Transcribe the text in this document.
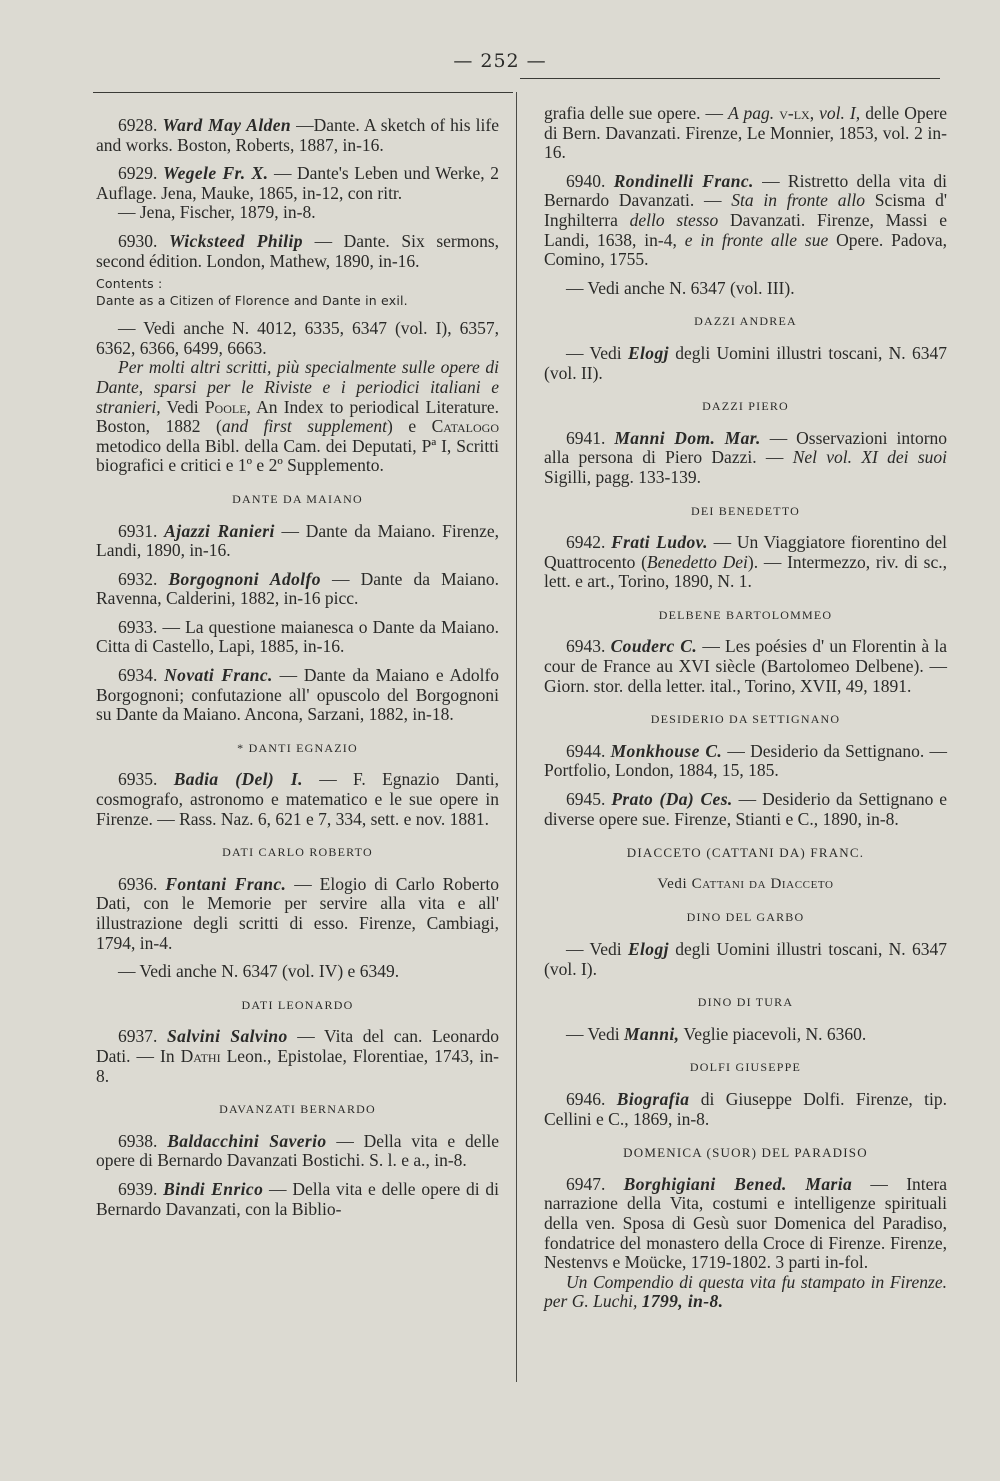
— 252 —
6928. Ward May Alden —Dante. A sketch of his life and works. Boston, Roberts, 1887, in-16.
6929. Wegele Fr. X. — Dante's Leben und Werke, 2 Auflage. Jena, Mauke, 1865, in-12, con ritr.
— Jena, Fischer, 1879, in-8.
6930. Wicksteed Philip — Dante. Six sermons, second édition. London, Mathew, 1890, in-16.
Contents :
Dante as a Citizen of Florence and Dante in exil.
— Vedi anche N. 4012, 6335, 6347 (vol. I), 6357, 6362, 6366, 6499, 6663.
Per molti altri scritti, più specialmente sulle opere di Dante, sparsi per le Riviste e i periodici italiani e stranieri, Vedi Poole, An Index to periodical Literature. Boston, 1882 (and first supplement) e Catalogo metodico della Bibl. della Cam. dei Deputati, Pª I, Scritti biografici e critici e 1º e 2º Supplemento.
DANTE DA MAIANO
6931. Ajazzi Ranieri — Dante da Maiano. Firenze, Landi, 1890, in-16.
6932. Borgognoni Adolfo — Dante da Maiano. Ravenna, Calderini, 1882, in-16 picc.
6933. — La questione maianesca o Dante da Maiano. Citta di Castello, Lapi, 1885, in-16.
6934. Novati Franc. — Dante da Maiano e Adolfo Borgognoni; confutazione all' opuscolo del Borgognoni su Dante da Maiano. Ancona, Sarzani, 1882, in-18.
* DANTI EGNAZIO
6935. Badia (Del) I. — F. Egnazio Danti, cosmografo, astronomo e matematico e le sue opere in Firenze. — Rass. Naz. 6, 621 e 7, 334, sett. e nov. 1881.
DATI CARLO ROBERTO
6936. Fontani Franc. — Elogio di Carlo Roberto Dati, con le Memorie per servire alla vita e all' illustrazione degli scritti di esso. Firenze, Cambiagi, 1794, in-4.
— Vedi anche N. 6347 (vol. IV) e 6349.
DATI LEONARDO
6937. Salvini Salvino — Vita del can. Leonardo Dati. — In Dathi Leon., Epistolae, Florentiae, 1743, in-8.
DAVANZATI BERNARDO
6938. Baldacchini Saverio — Della vita e delle opere di Bernardo Davanzati Bostichi. S. l. e a., in-8.
6939. Bindi Enrico — Della vita e delle opere di di Bernardo Davanzati, con la Biblio-
grafia delle sue opere. — A pag. v-lx, vol. I, delle Opere di Bern. Davanzati. Firenze, Le Monnier, 1853, vol. 2 in-16.
6940. Rondinelli Franc. — Ristretto della vita di Bernardo Davanzati. — Sta in fronte allo Scisma d' Inghilterra dello stesso Davanzati. Firenze, Massi e Landi, 1638, in-4, e in fronte alle sue Opere. Padova, Comino, 1755.
— Vedi anche N. 6347 (vol. III).
DAZZI ANDREA
— Vedi Elogj degli Uomini illustri toscani, N. 6347 (vol. II).
DAZZI PIERO
6941. Manni Dom. Mar. — Osservazioni intorno alla persona di Piero Dazzi. — Nel vol. XI dei suoi Sigilli, pagg. 133-139.
DEI BENEDETTO
6942. Frati Ludov. — Un Viaggiatore fiorentino del Quattrocento (Benedetto Dei). — Intermezzo, riv. di sc., lett. e art., Torino, 1890, N. 1.
DELBENE BARTOLOMMEO
6943. Couderc C. — Les poésies d' un Florentin à la cour de France au XVI siècle (Bartolomeo Delbene). — Giorn. stor. della letter. ital., Torino, XVII, 49, 1891.
DESIDERIO DA SETTIGNANO
6944. Monkhouse C. — Desiderio da Settignano. — Portfolio, London, 1884, 15, 185.
6945. Prato (Da) Ces. — Desiderio da Settignano e diverse opere sue. Firenze, Stianti e C., 1890, in-8.
DIACCETO (CATTANI DA) FRANC.
Vedi Cattani da Diacceto
DINO DEL GARBO
— Vedi Elogj degli Uomini illustri toscani, N. 6347 (vol. I).
DINO DI TURA
— Vedi Manni, Veglie piacevoli, N. 6360.
DOLFI GIUSEPPE
6946. Biografia di Giuseppe Dolfi. Firenze, tip. Cellini e C., 1869, in-8.
DOMENICA (SUOR) DEL PARADISO
6947. Borghigiani Bened. Maria — Intera narrazione della Vita, costumi e intelligenze spirituali della ven. Sposa di Gesù suor Domenica del Paradiso, fondatrice del monastero della Croce di Firenze. Firenze, Nestenvs e Moücke, 1719-1802. 3 parti in-fol.
Un Compendio di questa vita fu stampato in Firenze. per G. Luchi, 1799, in-8.
